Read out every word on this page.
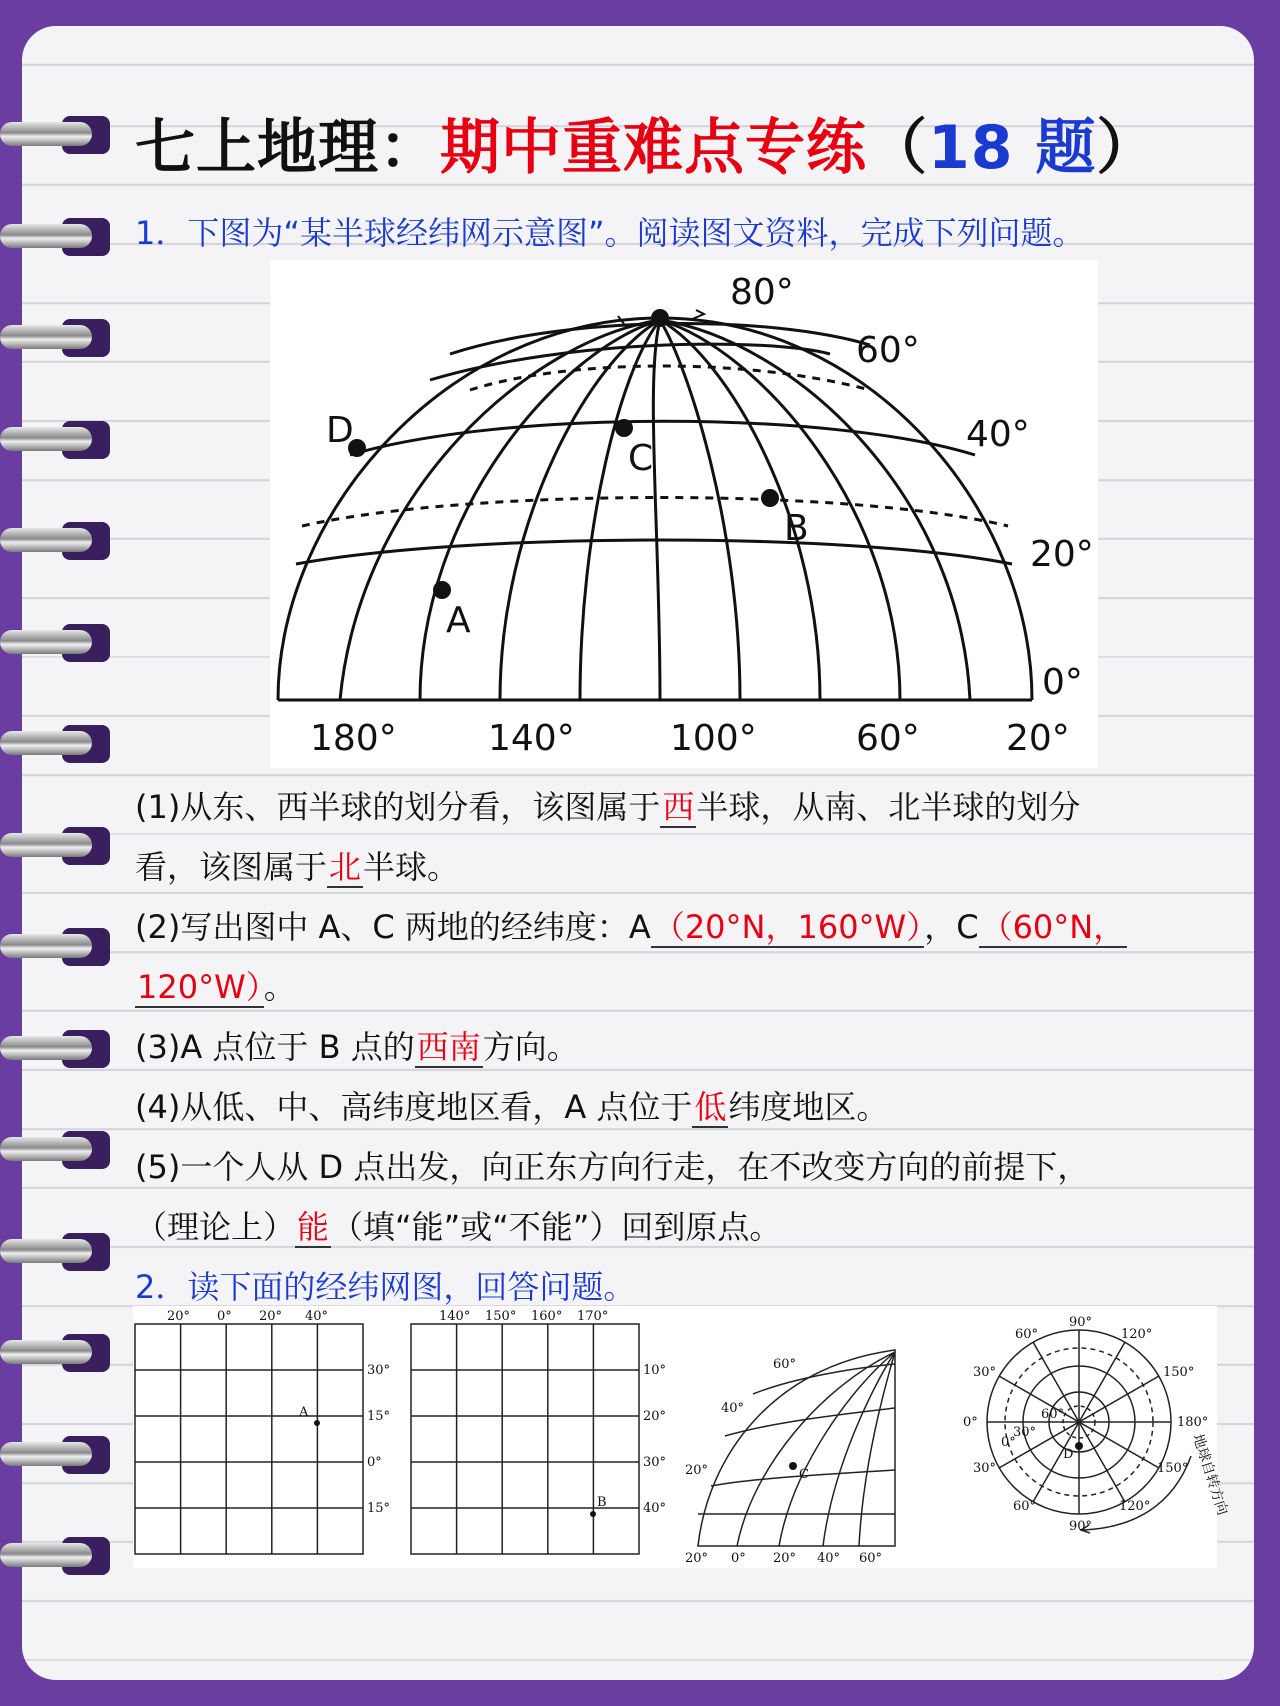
七上地理：期中重难点专练（18 题）
1．下图为“某半球经纬网示意图”。阅读图文资料，完成下列问题。
D
C
B
A
80°
60°
40°
20°
0°
180°	140°	100°	60° 20°
(1)从东、西半球的划分看，该图属于西半球，从南、北半球的划分
看，该图属于北半球。
(2)写出图中 A、C 两地的经纬度：A（20°N，160°W），C（60°N，
120°W）。
(3)A 点位于 B 点的西南方向。
(4)从低、中、高纬度地区看，A 点位于低纬度地区。
(5)一个人从 D 点出发，向正东方向行走，在不改变方向的前提下，
（理论上）能（填“能”或“不能”）回到原点。
2．读下面的经纬网图，回答问题。
20° 0° 20° 40°
30°
15°
0°
15°
A
140° 150° 160° 170°
10°
20°
30°
40°
B
60°
40°
20°
20° 0° 20° 40° 60°
C
90°
60°	120°
30°	150°
0°	180°
0°
30°
60°
30°	150°
60°	120°
90°
D	地球自转方向
